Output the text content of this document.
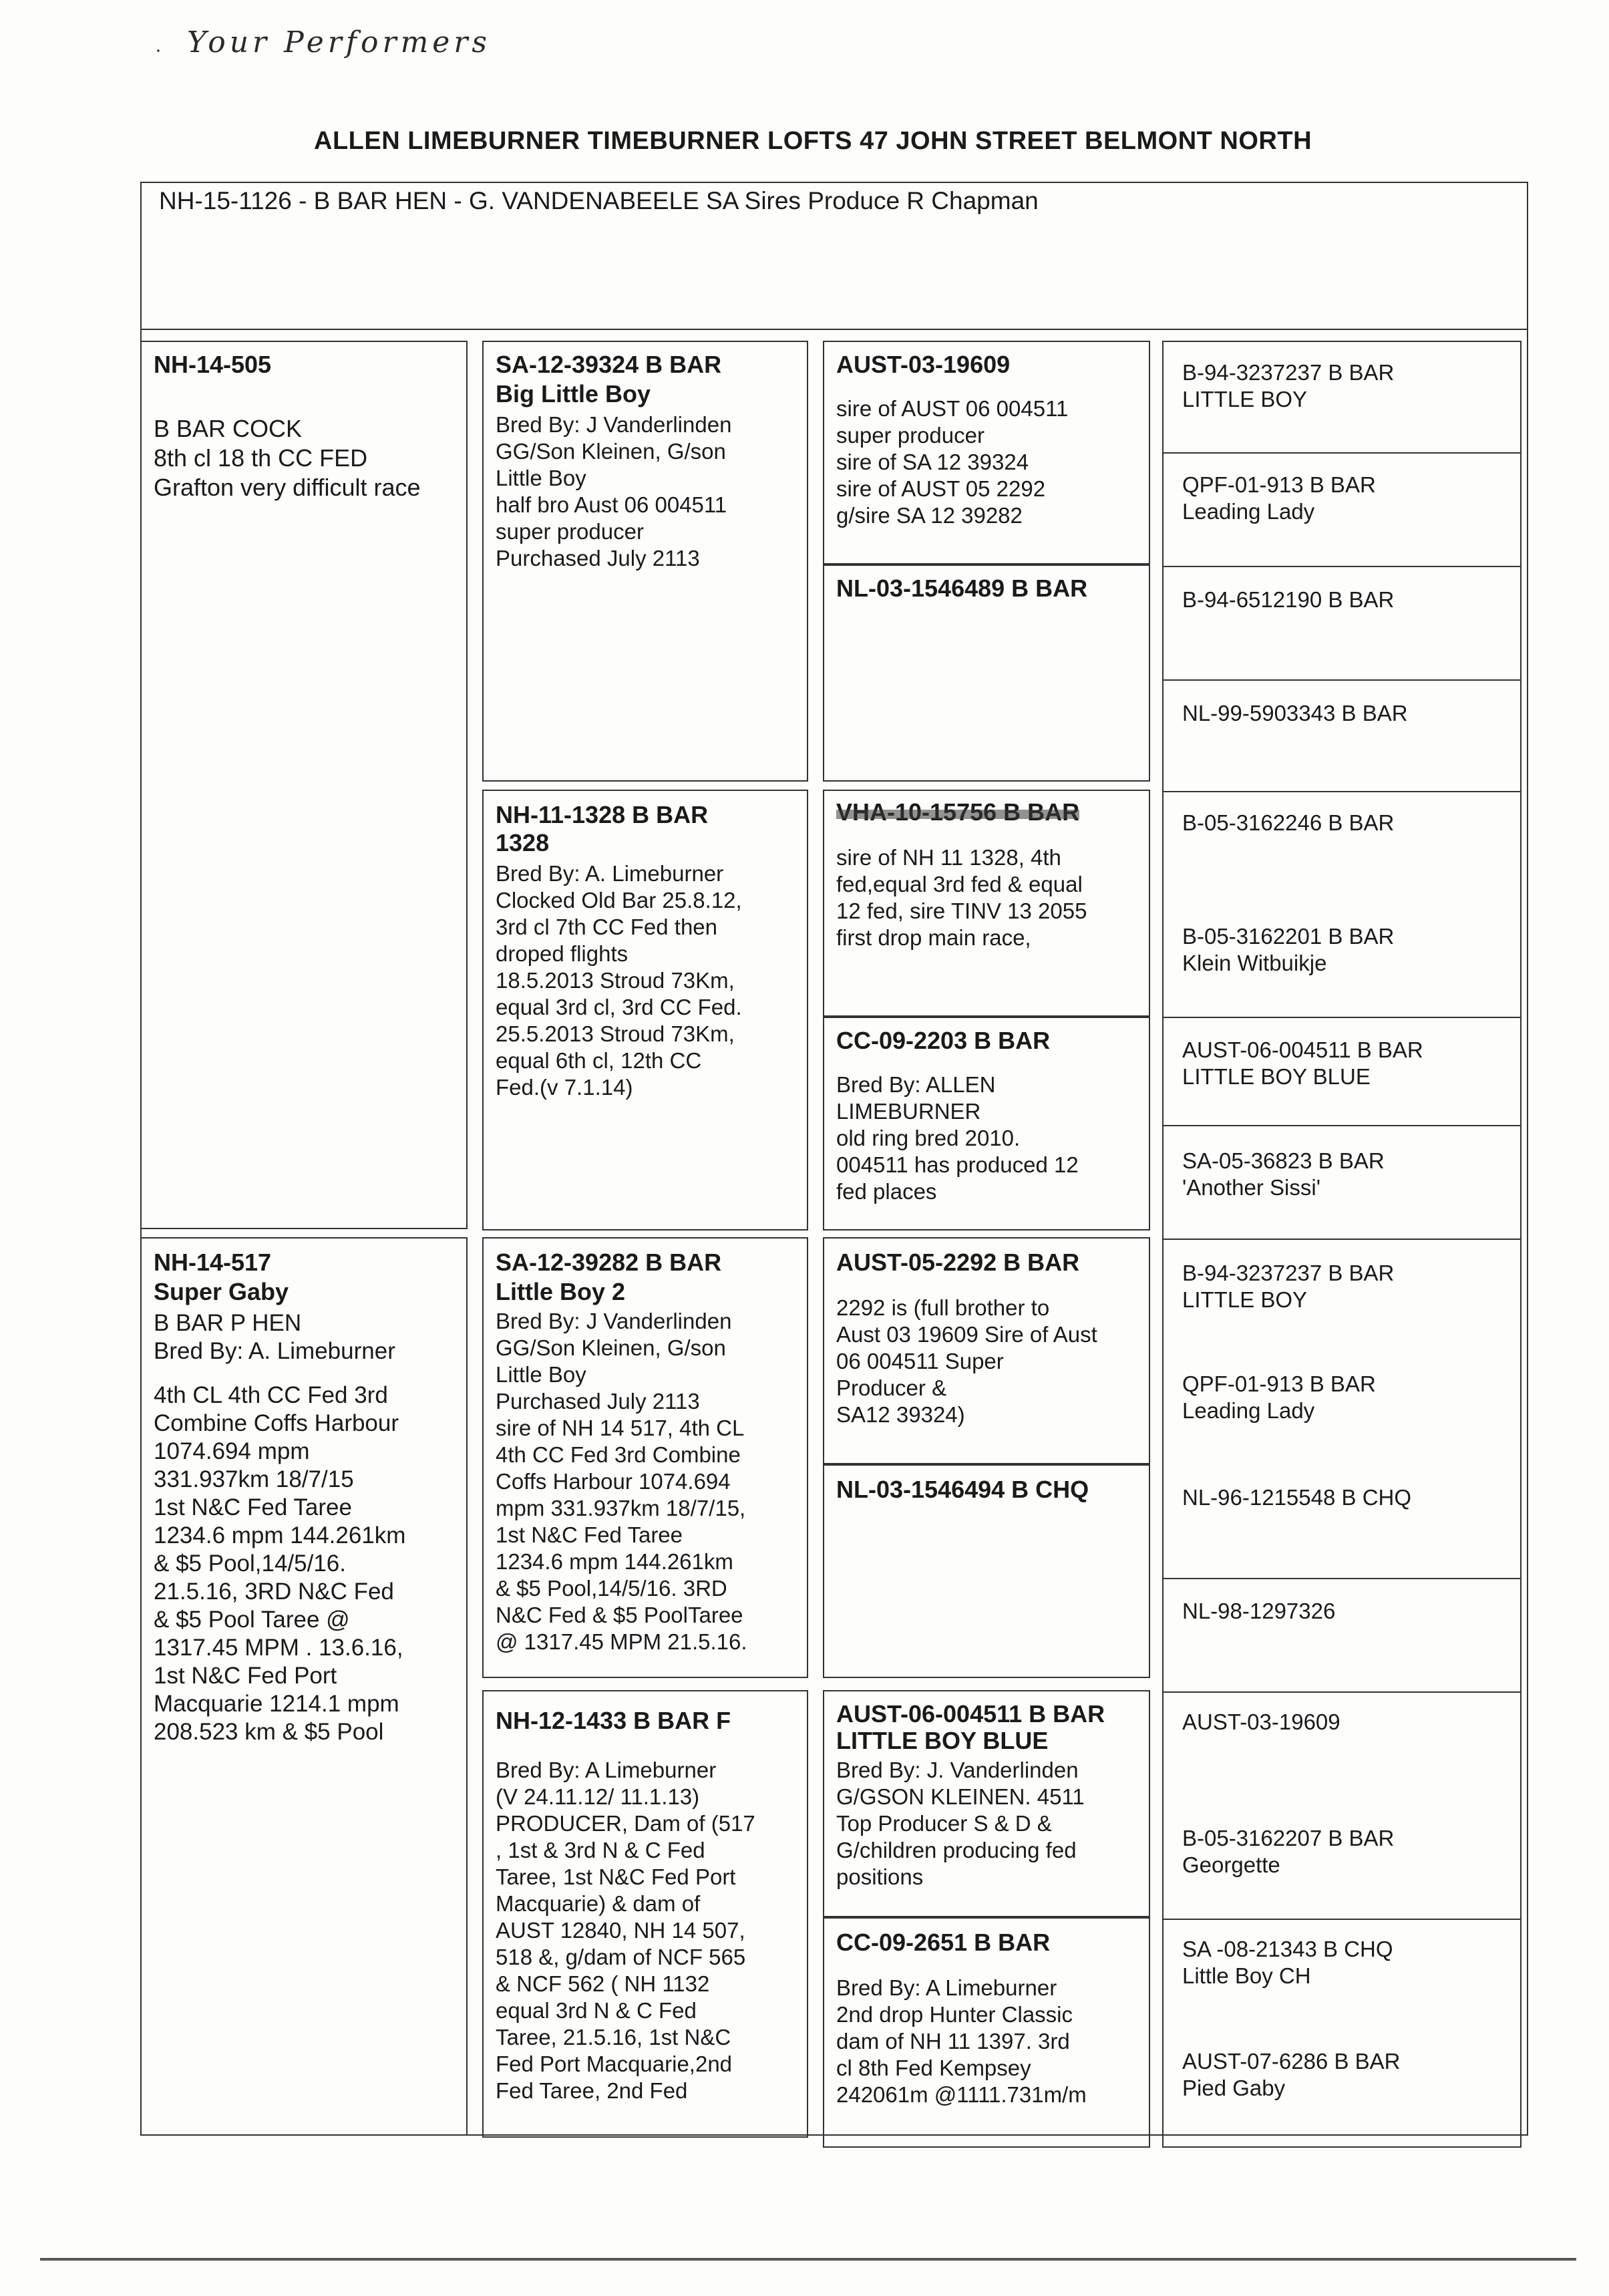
· Your Performers
ALLEN LIMEBURNER TIMEBURNER LOFTS 47 JOHN STREET BELMONT NORTH
NH-15-1126 - B BAR HEN - G. VANDENABEELE SA Sires Produce R Chapman
NH-14-505
B BAR COCK
8th cl 18 th CC FED
Grafton very difficult race
NH-14-517
Super Gaby
B BAR P HEN
Bred By: A. Limeburner
4th CL 4th CC Fed 3rd
Combine Coffs Harbour
1074.694 mpm
331.937km 18/7/15
1st N&C Fed Taree
1234.6 mpm 144.261km
& $5 Pool,14/5/16.
21.5.16, 3RD N&C Fed
& $5 Pool Taree @
1317.45 MPM . 13.6.16,
1st N&C Fed Port
Macquarie 1214.1 mpm
208.523 km & $5 Pool
SA-12-39324 B BAR
Big Little Boy
Bred By: J Vanderlinden
GG/Son Kleinen, G/son
Little Boy
half bro Aust 06 004511
super producer
Purchased July 2113
NH-11-1328 B BAR
1328
Bred By: A. Limeburner
Clocked Old Bar 25.8.12,
3rd cl 7th CC Fed then
droped flights
18.5.2013 Stroud 73Km,
equal 3rd cl, 3rd CC Fed.
25.5.2013 Stroud 73Km,
equal 6th cl, 12th CC
Fed.(v 7.1.14)
SA-12-39282 B BAR
Little Boy 2
Bred By: J Vanderlinden
GG/Son Kleinen, G/son
Little Boy
Purchased July 2113
sire of NH 14 517, 4th CL
4th CC Fed 3rd Combine
Coffs Harbour 1074.694
mpm 331.937km 18/7/15,
1st N&C Fed Taree
1234.6 mpm 144.261km
& $5 Pool,14/5/16. 3RD
N&C Fed & $5 PoolTaree
@ 1317.45 MPM 21.5.16.
NH-12-1433 B BAR F
Bred By: A Limeburner
(V 24.11.12/ 11.1.13)
PRODUCER, Dam of (517
, 1st & 3rd N & C Fed
Taree, 1st N&C Fed Port
Macquarie) & dam of
AUST 12840, NH 14 507,
518 &, g/dam of NCF 565
& NCF 562 ( NH 1132
equal 3rd N & C Fed
Taree, 21.5.16, 1st N&C
Fed Port Macquarie,2nd
Fed Taree, 2nd Fed
AUST-03-19609
sire of AUST 06 004511
super producer
sire of SA 12 39324
sire of AUST 05 2292
g/sire SA 12 39282
NL-03-1546489 B BAR
sire of NH 11 1328, 4th
fed,equal 3rd fed & equal
12 fed, sire TINV 13 2055
first drop main race,
CC-09-2203 B BAR
Bred By: ALLEN
LIMEBURNER
old ring bred 2010.
004511 has produced 12
fed places
AUST-05-2292 B BAR
2292 is (full brother to
Aust 03 19609 Sire of Aust
06 004511 Super
Producer &
SA12 39324)
NL-03-1546494 B CHQ
AUST-06-004511 B BAR
LITTLE BOY BLUE
Bred By: J. Vanderlinden
G/GSON KLEINEN. 4511
Top Producer S & D &
G/children producing fed
positions
CC-09-2651 B BAR
Bred By: A Limeburner
2nd drop Hunter Classic
dam of NH 11 1397. 3rd
cl 8th Fed Kempsey
242061m @1111.731m/m
B-94-3237237 B BAR
LITTLE BOY
QPF-01-913 B BAR
Leading Lady
B-94-6512190 B BAR
NL-99-5903343 B BAR
B-05-3162246 B BAR
B-05-3162201 B BAR
Klein Witbuikje
AUST-06-004511 B BAR
LITTLE BOY BLUE
SA-05-36823 B BAR
'Another Sissi'
B-94-3237237 B BAR
LITTLE BOY
QPF-01-913 B BAR
Leading Lady
NL-96-1215548 B CHQ
NL-98-1297326
AUST-03-19609
B-05-3162207 B BAR
Georgette
SA -08-21343 B CHQ
Little Boy CH
AUST-07-6286 B BAR
Pied Gaby
